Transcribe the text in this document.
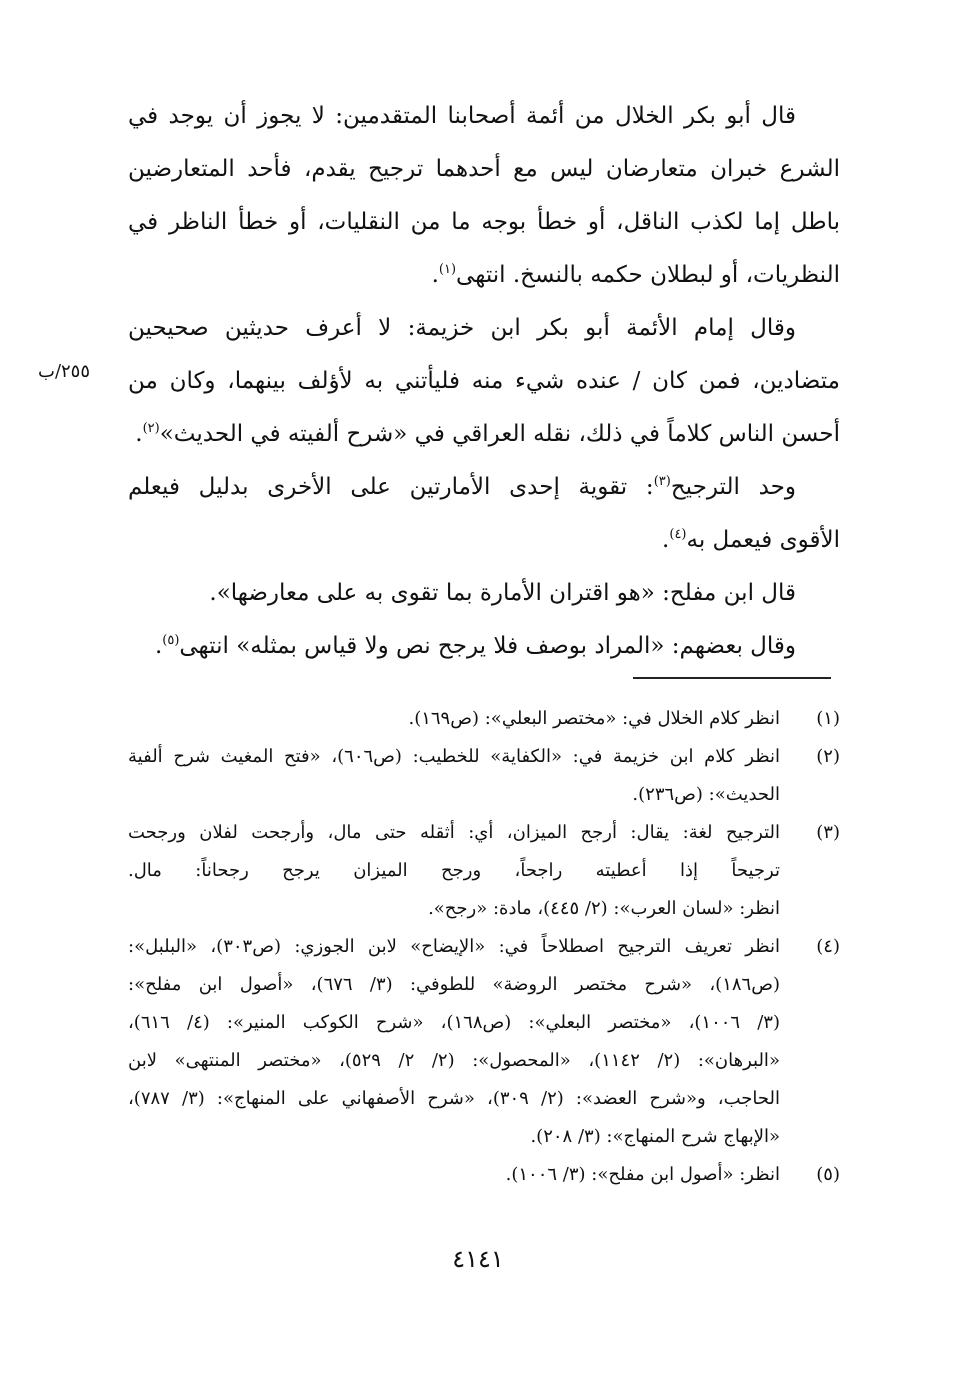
٢٥٥/ب
قال أبو بكر الخلال من أئمة أصحابنا المتقدمين: لا يجوز أن يوجد في
الشرع خبران متعارضان ليس مع أحدهما ترجيح يقدم، فأحد المتعارضين
باطل إما لكذب الناقل، أو خطأ بوجه ما من النقليات، أو خطأ الناظر في
النظريات، أو لبطلان حكمه بالنسخ. انتهى$^{(١)}$.
وقال إمام الأئمة أبو بكر ابن خزيمة: لا أعرف حديثين صحيحين
متضادين، فمن كان / عنده شيء منه فليأتني به لأؤلف بينهما، وكان من
أحسن الناس كلاماً في ذلك، نقله العراقي في «شرح ألفيته في الحديث»$^{(٢)}$.
وحد الترجيح$^{(٣)}$: تقوية إحدى الأمارتين على الأخرى بدليل فيعلم
الأقوى فيعمل به$^{(٤)}$.
قال ابن مفلح: «هو اقتران الأمارة بما تقوى به على معارضها».
وقال بعضهم: «المراد بوصف فلا يرجح نص ولا قياس بمثله» انتهى$^{(٥)}$.
(١)
انظر كلام الخلال في: «مختصر البعلي»: (ص١٦٩).
(٢)
انظر كلام ابن خزيمة في: «الكفاية» للخطيب: (ص٦٠٦)، «فتح المغيث شرح ألفية
الحديث»: (ص٢٣٦).
(٣)
الترجيح لغة: يقال: أرجح الميزان، أي: أثقله حتى مال، وأرجحت لفلان ورجحت
ترجيحاً إذا أعطيته راجحاً، ورجح الميزان يرجح رجحاناً: مال.
انظر: «لسان العرب»: (٢/ ٤٤٥)، مادة: «رجح».
(٤)
انظر تعريف الترجيح اصطلاحاً في: «الإيضاح» لابن الجوزي: (ص٣٠٣)، «البلبل»:
(ص١٨٦)، «شرح مختصر الروضة» للطوفي: (٣/ ٦٧٦)، «أصول ابن مفلح»:
(٣/ ١٠٠٦)، «مختصر البعلي»: (ص١٦٨)، «شرح الكوكب المنير»: (٤/ ٦١٦)،
«البرهان»: (٢/ ١١٤٢)، «المحصول»: (٢/ ٢/ ٥٢٩)، «مختصر المنتهى» لابن
الحاجب، و«شرح العضد»: (٢/ ٣٠٩)، «شرح الأصفهاني على المنهاج»: (٣/ ٧٨٧)،
«الإبهاج شرح المنهاج»: (٣/ ٢٠٨).
(٥)
انظر: «أصول ابن مفلح»: (٣/ ١٠٠٦).
٤١٤١
